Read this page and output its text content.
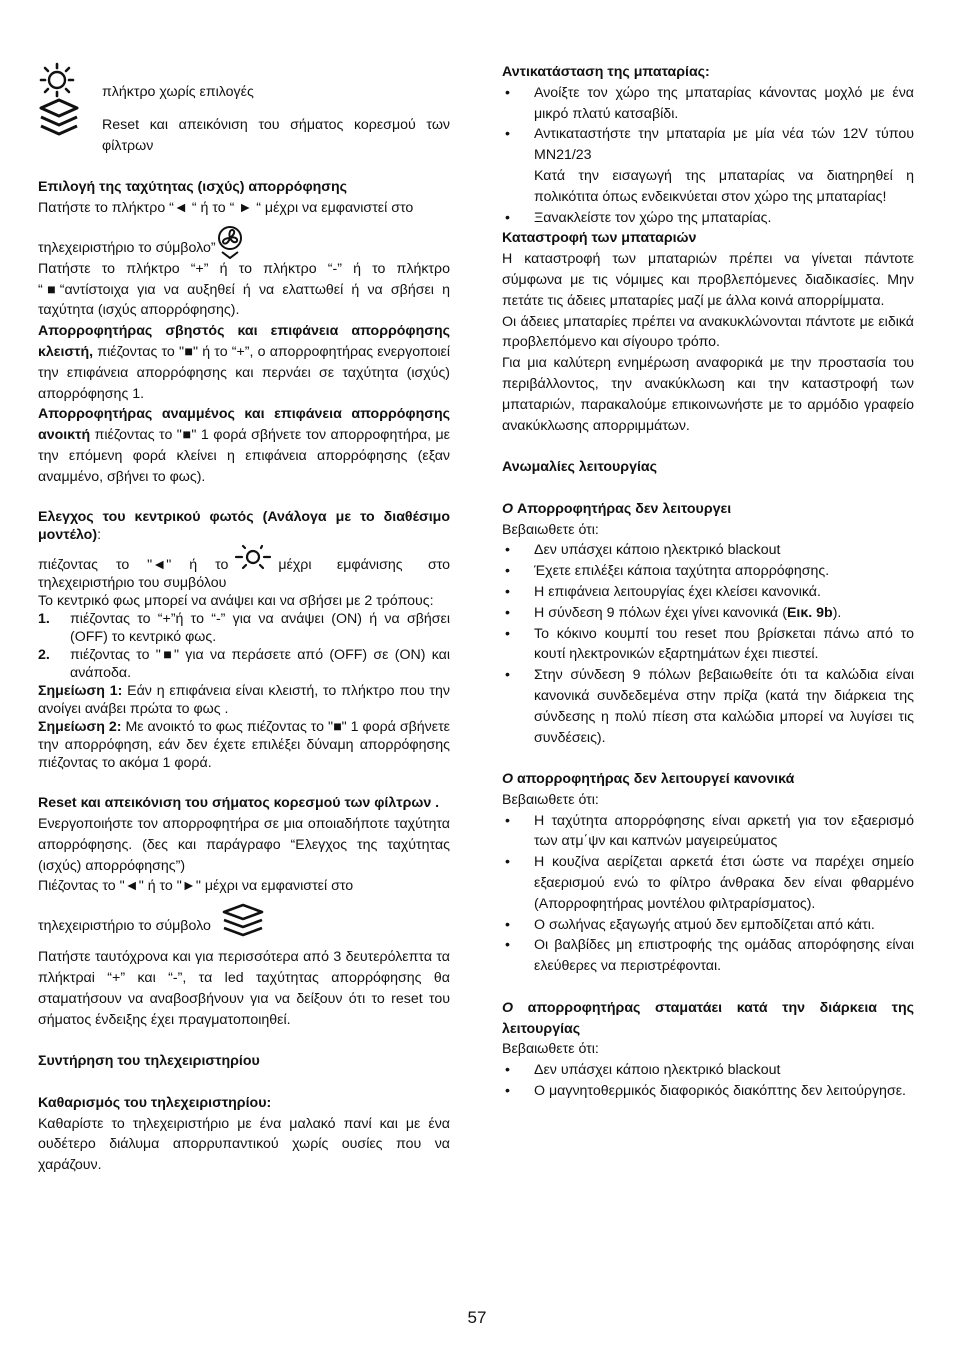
πλήκτρο χωρίς επιλογές

Reset και απεικόνιση του σήματος κορεσμού των φίλτρων

Επιλογή της ταχύτητας (ισχύς) απορρόφησης

Πατήστε το πλήκτρο “◄ “ ή το “ ► “ μέχρι να εμφανιστεί στο

τηλεχειριστήριο το σύμβολο”

Πατήστε το πλήκτρο “+” ή το πλήκτρο “-” ή το πλήκτρο “■“αντίστοιχα για να αυξηθεί ή να ελαττωθεί ή να σβήσει η ταχύτητα (ισχύς απορρόφησης).

Απορροφητήρας σβηστός και επιφάνεια απορρόφησης κλειστή, πιέζοντας το "■" ή το “+”, ο απορροφητήρας ενεργοποιεί την επιφάνεια απορρόφησης και περνάει σε ταχύτητα (ισχύς) απορρόφησης 1.

Απορροφητήρας αναμμένος και επιφάνεια απορρόφησης ανοικτή πιέζοντας το "■" 1 φορά σβήνετε τον απορροφητήρα, με την επόμενη φορά κλείνει η επιφάνεια απορρόφησης (εξαν αναμμένο, σβήνει το φως).

Ελεγχος του κεντρικού φωτός (Ανάλογα με το διαθέσιμο μοντέλο):

πιέζοντας το "◄" ή το	μέχρι εμφάνισης στο

τηλεχειριστήριο του συμβόλου

Το κεντρικό φως μπορεί να ανάψει και να σβήσει με 2 τρόπους:

1. πιέζοντας το “+”ή το “-” για να ανάψει (ON) ή να σβήσει (OFF) το κεντρικό φως.
2. πιέζοντας το "■" για να περάσετε από (OFF) σε (ON) και ανάποδα.

Σημείωση 1: Εάν η επιφάνεια είναι κλειστή, το πλήκτρο που την ανοίγει ανάβει πρώτα το φως .

Σημείωση 2: Με ανοικτό το φως πιέζοντας το "■" 1 φορά σβήνετε την απορρόφηση, εάν δεν έχετε επιλέξει δύναμη απορρόφησης πιέζοντας το ακόμα 1 φορά.

Reset και απεικόνιση του σήματος κορεσμού των φίλτρων .

Ενεργοποιήστε τον απορροφητήρα σε μια οποιαδήποτε ταχύτητα απορρόφησης. (δες και παράγραφο “Ελεγχος της ταχύτητας (ισχύς) απορρόφησης”)

Πιέζοντας το "◄" ή το "►" μέχρι να εμφανιστεί στο

τηλεχειριστήριο το σύμβολο

Πατήστε ταυτόχρονα και για περισσότερα από 3 δευτερόλεπτα τα πλήκτραi “+” και “-”, τα led ταχύτητας απορρόφησης θα σταματήσουν να αναβοσβήνουν για να δείξουν ότι το reset του σήματος ένδειξης έχει πραγματοποιηθεί.

Συντήρηση του τηλεχειριστηρίου

Καθαρισμός του τηλεχειριστηρίου:

Καθαρίστε το τηλεχειριστήριο με ένα μαλακό πανί και με ένα ουδέτερο διάλυμα απορρυπαντικού χωρίς ουσίες που να χαράζουν.

Αντικατάσταση της μπαταρίας:

• Ανοίξτε τον χώρο της μπαταρίας κάνοντας μοχλό με ένα μικρό πλατύ κατσαβίδι.
• Αντικαταστήστε την μπαταρία με μία νέα τών 12V τύπου MN21/23

Κατά την εισαγωγή της μπαταρίας να διατηρηθεί η πολικότιτα όπως ενδεικνύεται στον χώρο της μπαταρίας!

• Ξανακλείστε τον χώρο της μπαταρίας.

Καταστροφή των μπαταριών

Η καταστροφή των μπαταριών πρέπει να γίνεται πάντοτε σύμφωνα με τις νόμιμες και προβλεπόμενες διαδικασίες. Μην πετάτε τις άδειες μπαταρίες μαζί με άλλα κοινά απορρίμματα.

Οι άδειες μπαταρίες πρέπει να ανακυκλώνονται πάντοτε με ειδικά προβλεπόμενο και σίγουρο τρόπο.

Για μια καλύτερη ενημέρωση αναφορικά με την προστασία του περιβάλλοντος, την ανακύκλωση και την καταστροφή των μπαταριών, παρακαλούμε επικοινωνήστε με το αρμόδιο γραφείο ανακύκλωσης απορριμμάτων.

Ανωμαλίες λειτουργίας

O Απορροφητήρας δεν λειτουργει

Βεβαιωθετε ότι:

• Δεν υπάσχει κάποιο ηλεκτρικό blackout
• Έχετε επιλέξει κάποια ταχύτητα απορρόφησης.
• Η επιφάνεια λειτουργίας έχει κλείσει κανονικά.
• Η σύνδεση 9 πόλων έχει γίνει κανονικά (Εικ. 9b).
• Το κόκινο κουμπί του reset που βρίσκεται πάνω από το κουτί ηλεκτρονικών εξαρτημάτων έχει πιεστεί.
• Στην σύνδεση 9 πόλων βεβαιωθείτε ότι τα καλώδια είναι κανονικά συνδεδεμένα στην πρίζα (κατά την διάρκεια της σύνδεσης η πολύ πίεση στα καλώδια μπορεί να λυγίσει τις συνδέσεις).

O απορροφητήρας δεν λειτουργεί κανονικά

Βεβαιωθετε ότι:

• Η ταχύτητα απορρόφησης είναι αρκετή για τον εξαερισμό των ατμ΄ψν και καπνών μαγειρεύματος
• Η κουζίνα αερίζεται αρκετά έτσι ώστε να παρέχει σημείο εξαερισμού ενώ το φίλτρο άνθρακα δεν είναι φθαρμένο (Απορροφητήρας μοντέλου φιλτραρίσματος).
• Ο σωλήνας εξαγωγής ατμού δεν εμποδίζεται από κάτι.
• Οι βαλβίδες μη επιστροφής της ομάδας απορόφησης είναι ελεύθερες να περιστρέφονται.

O απορροφητήρας σταματάει κατά την διάρκεια της λειτουργίας

Βεβαιωθετε ότι:

• Δεν υπάσχει κάποιο ηλεκτρικό blackout
• Ο μαγνητοθερμικός διαφορικός διακόπτης δεν λειτούργησε.
57
